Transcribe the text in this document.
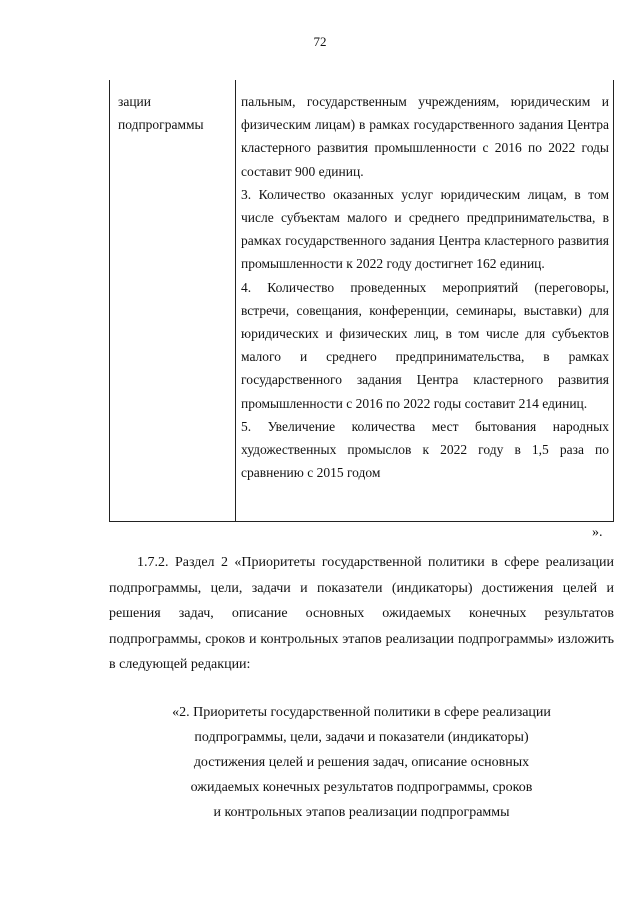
72
зации подпрограммы

пальным, государственным учреждениям, юридическим и физическим лицам) в рамках государственного задания Центра кластерного развития промышленности с 2016 по 2022 годы составит 900 единиц.

3. Количество оказанных услуг юридическим лицам, в том числе субъектам малого и среднего предпринимательства, в рамках государственного задания Центра кластерного развития промышленности к 2022 году достигнет 162 единиц.

4. Количество проведенных мероприятий (переговоры, встречи, совещания, конференции, семинары, выставки) для юридических и физических лиц, в том числе для субъектов малого и среднего предпринимательства, в рамках государственного задания Центра кластерного развития промышленности с 2016 по 2022 годы составит 214 единиц.

5. Увеличение количества мест бытования народных художественных промыслов к 2022 году в 1,5 раза по сравнению с 2015 годом

».
1.7.2. Раздел 2 «Приоритеты государственной политики в сфере реализации подпрограммы, цели, задачи и показатели (индикаторы) достижения целей и решения задач, описание основных ожидаемых конечных результатов подпрограммы, сроков и контрольных этапов реализации подпрограммы» изложить в следующей редакции:
«2. Приоритеты государственной политики в сфере реализации
подпрограммы, цели, задачи и показатели (индикаторы)
достижения целей и решения задач, описание основных
ожидаемых конечных результатов подпрограммы, сроков
и контрольных этапов реализации подпрограммы
